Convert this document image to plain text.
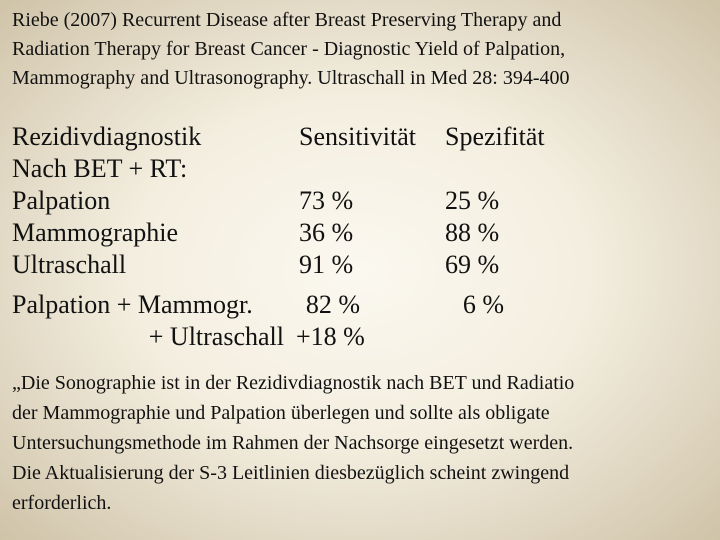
Riebe (2007) Recurrent Disease after Breast Preserving Therapy and
Radiation Therapy for Breast Cancer - Diagnostic Yield of Palpation,
Mammography and Ultrasonography. Ultraschall in Med 28: 394-400
Rezidivdiagnostik	Sensitivität Spezifität
Nach BET + RT:
Palpation	73 %	25 %
Mammographie	36 %	88 %
Ultraschall	91 %	69 %
Palpation + Mammogr.	82 %	6 %
+ Ultraschall +18 %
„Die Sonographie ist in der Rezidivdiagnostik nach BET und Radiatio
der Mammographie und Palpation überlegen und sollte als obligate
Untersuchungsmethode im Rahmen der Nachsorge eingesetzt werden.
Die Aktualisierung der S-3 Leitlinien diesbezüglich scheint zwingend
erforderlich.
